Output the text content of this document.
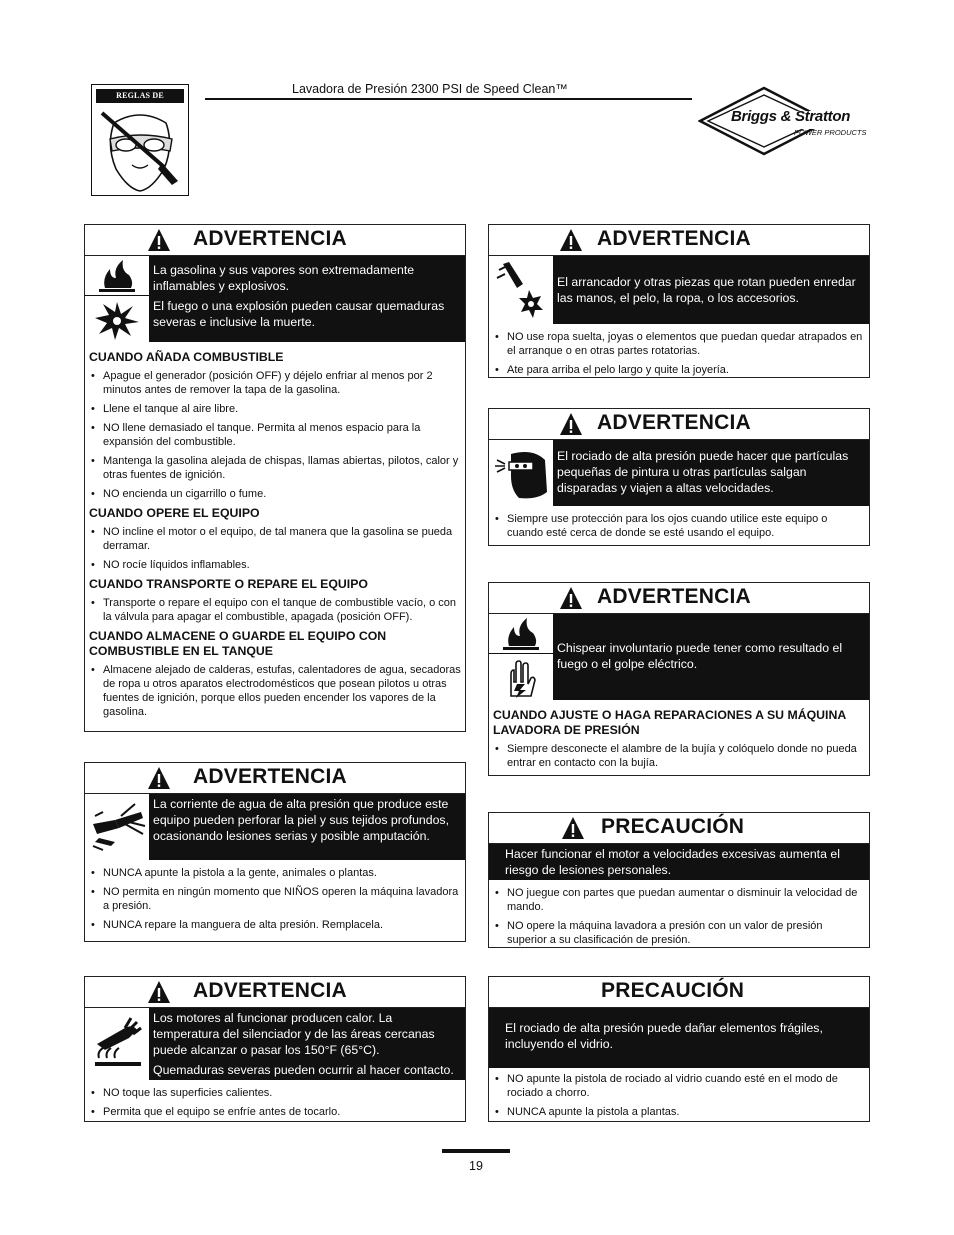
REGLAS DE SEGURIDAD
Lavadora de Presión 2300 PSI de Speed Clean™
Briggs & Stratton
POWER PRODUCTS
ADVERTENCIA

La gasolina y sus vapores son extremadamente inflamables y explosivos.

El fuego o una explosión pueden causar quemaduras severas e inclusive la muerte.

CUANDO AÑADA COMBUSTIBLE
• Apague el generador (posición OFF) y déjelo enfriar al menos por 2 minutos antes de remover la tapa de la gasolina.
• Llene el tanque al aire libre.
• NO llene demasiado el tanque. Permita al menos espacio para la expansión del combustible.
• Mantenga la gasolina alejada de chispas, llamas abiertas, pilotos, calor y otras fuentes de ignición.
• NO encienda un cigarrillo o fume.
CUANDO OPERE EL EQUIPO
• NO incline el motor o el equipo, de tal manera que la gasolina se pueda derramar.
• NO rocíe líquidos inflamables.
CUANDO TRANSPORTE O REPARE EL EQUIPO
• Transporte o repare el equipo con el tanque de combustible vacío, o con la válvula para apagar el combustible, apagada (posición OFF).
CUANDO ALMACENE O GUARDE EL EQUIPO CON COMBUSTIBLE EN EL TANQUE
• Almacene alejado de calderas, estufas, calentadores de agua, secadoras de ropa u otros aparatos electrodomésticos que posean pilotos u otras fuentes de ignición, porque ellos pueden encender los vapores de la gasolina.
ADVERTENCIA

La corriente de agua de alta presión que produce este equipo pueden perforar la piel y sus tejidos profundos, ocasionando lesiones serias y posible amputación.

• NUNCA apunte la pistola a la gente, animales o plantas.
• NO permita en ningún momento que NIÑOS operen la máquina lavadora a presión.
• NUNCA repare la manguera de alta presión. Remplacela.
ADVERTENCIA

Los motores al funcionar producen calor. La temperatura del silenciador y de las áreas cercanas puede alcanzar o pasar los 150°F (65°C).

Quemaduras severas pueden ocurrir al hacer contacto.

• NO toque las superficies calientes.
• Permita que el equipo se enfríe antes de tocarlo.
ADVERTENCIA

El arrancador y otras piezas que rotan pueden enredar las manos, el pelo, la ropa, o los accesorios.

• NO use ropa suelta, joyas o elementos que puedan quedar atrapados en el arranque o en otras partes rotatorias.
• Ate para arriba el pelo largo y quite la joyería.
ADVERTENCIA

El rociado de alta presión puede hacer que partículas pequeñas de pintura u otras partículas salgan disparadas y viajen a altas velocidades.

• Siempre use protección para los ojos cuando utilice este equipo o cuando esté cerca de donde se esté usando el equipo.
ADVERTENCIA

Chispear involuntario puede tener como resultado el fuego o el golpe eléctrico.

CUANDO AJUSTE O HAGA REPARACIONES A SU MÁQUINA LAVADORA DE PRESIÓN
• Siempre desconecte el alambre de la bujía y colóquelo donde no pueda entrar en contacto con la bujía.
PRECAUCIÓN

Hacer funcionar el motor a velocidades excesivas aumenta el riesgo de lesiones personales.

• NO juegue con partes que puedan aumentar o disminuir la velocidad de mando.
• NO opere la máquina lavadora a presión con un valor de presión superior a su clasificación de presión.
PRECAUCIÓN

El rociado de alta presión puede dañar elementos frágiles, incluyendo el vidrio.

• NO apunte la pistola de rociado al vidrio cuando esté en el modo de rociado a chorro.
• NUNCA apunte la pistola a plantas.
19
